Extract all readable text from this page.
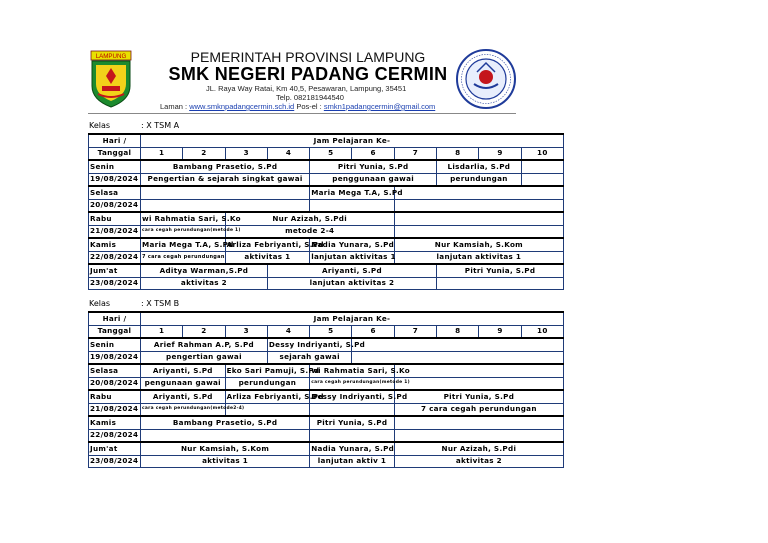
LAMPUNG	PEMERINTAH PROVINSI LAMPUNG
SMK NEGERI PADANG CERMIN
JL. Raya Way Ratai, Km 40,5, Pesawaran, Lampung, 35451
Telp. 082181944540
Laman : www.smknpadangcermin.sch.id Pos-el : smkn1padangcermin@gmail.com
Kelas	: X TSM A
Hari /	Jam Pelajaran Ke-									
Tanggal	1	2	3	4	5	6	7	8	9	10
Senin	Bambang Prasetio, S.Pd				Pitri Yunia, S.Pd			Lisdarlia, S.Pd		
19/08/2024	Pengertian & sejarah singkat gawai				penggunaan gawai			perundungan		
Selasa					Maria Mega T.A, S.Pd					
20/08/2024										
Rabu	wi Rahmatia Sari, S.Ko		Nur Azizah, S.Pdi							
21/08/2024	cara cegah perundungan(metode 1)		metode 2-4							
Kamis	Maria Mega T.A, S.Pd		Arliza Febriyanti, S.Pd		Nadia Yunara, S.Pd		Nur Kamsiah, S.Kom			
22/08/2024	7 cara cegah perundungan		aktivitas 1		lanjutan aktivitas 1		lanjutan aktivitas 1			
Jum'at	Aditya Warman,S.Pd			Ariyanti, S.Pd				Pitri Yunia, S.Pd		
23/08/2024	aktivitas 2			lanjutan aktivitas 2						
Kelas	: X TSM B
Hari /	Jam Pelajaran Ke-									
Tanggal	1	2	3	4	5	6	7	8	9	10
Senin	Arief Rahman A.P, S.Pd			Dessy Indriyanti, S.Pd						
19/08/2024	pengertian gawai			sejarah gawai						
Selasa	Ariyanti, S.Pd		Eko Sari Pamuji, S.Pd		wi Rahmatia Sari, S.Ko					
20/08/2024	pengunaan gawai		perundungan		cara cegah perundungan(metode 1)					
Rabu	Ariyanti, S.Pd		Arliza Febriyanti, S.Pd		Dessy Indriyanti, S.Pd		Pitri Yunia, S.Pd			
21/08/2024	cara cegah perundungan(metode2-4)						7 cara cegah perundungan			
Kamis	Bambang Prasetio, S.Pd				Pitri Yunia, S.Pd					
22/08/2024										
Jum'at	Nur Kamsiah, S.Kom				Nadia Yunara, S.Pd		Nur Azizah, S.Pdi			
23/08/2024	aktivitas 1				lanjutan aktiv 1		aktivitas 2			
